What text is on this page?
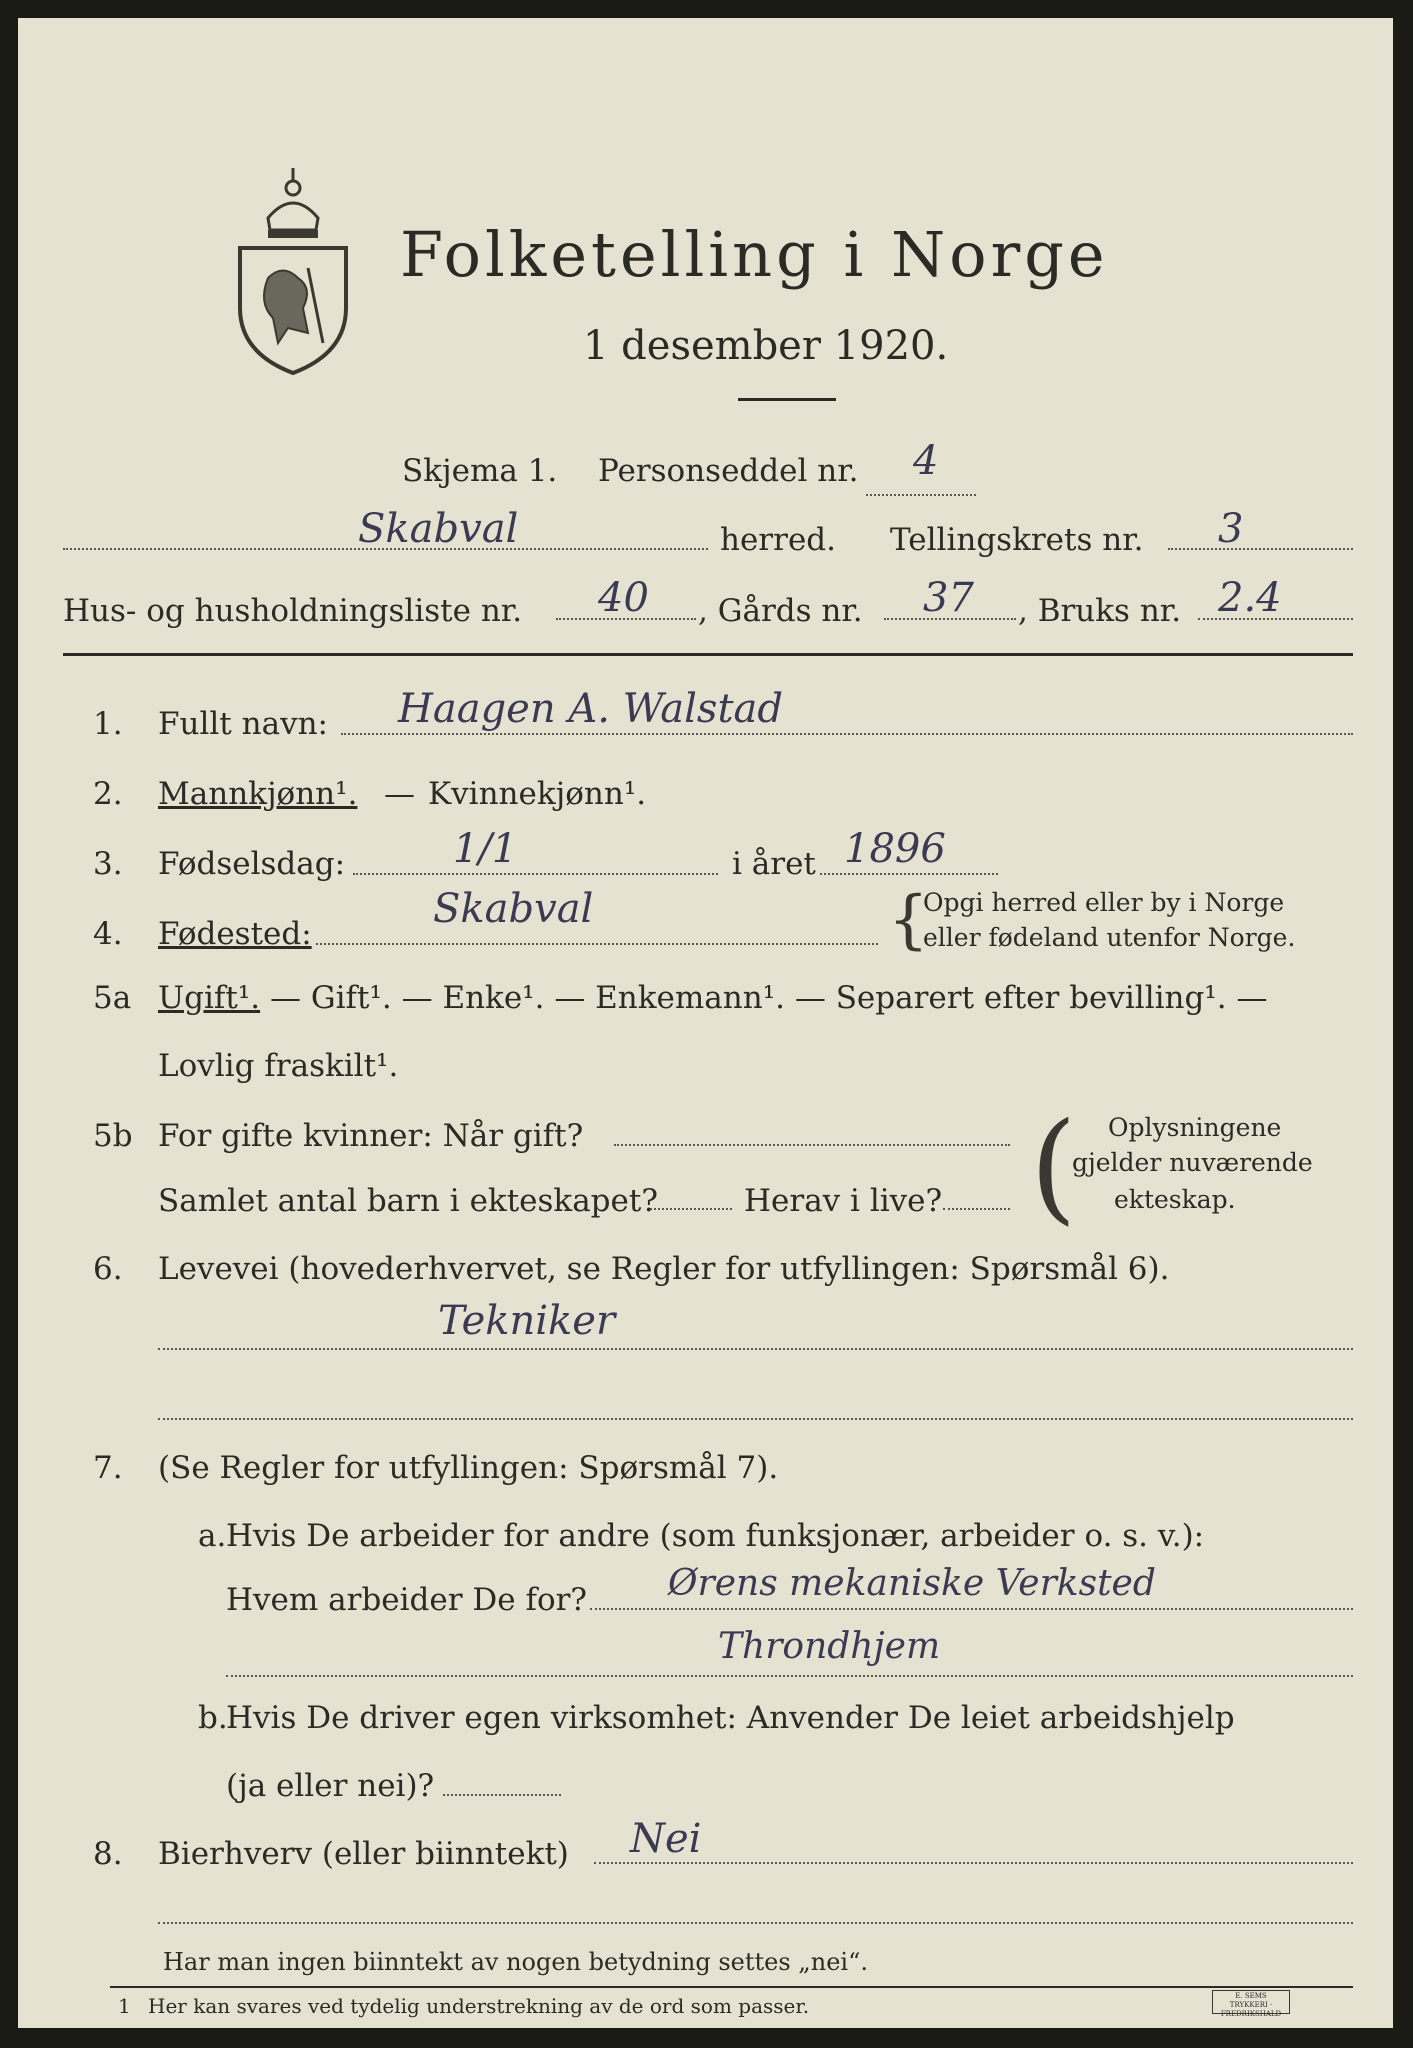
Folketelling i Norge
1 desember 1920.
Skjema 1. Personseddel nr. 4
Skabval	herred. Tellingskrets nr. 3
Hus- og husholdningsliste nr. 40 , Gårds nr. 37 , Bruks nr. 2.4
1. Fullt navn: Haagen A. Walstad
2. Mannkjønn¹. — Kvinnekjønn¹.
3. Fødselsdag:	1/1	i året 1896
4. Fødested:
Skabval	{
Opgi herred eller by i Norge
eller fødeland utenfor Norge.
5a Ugift¹. — Gift¹. — Enke¹. — Enkemann¹. — Separert efter bevilling¹. —
Lovlig fraskilt¹.
5b For gifte kvinner: Når gift?
Samlet antal barn i ekteskapet?	Herav i live? ( Oplysningene
gjelder nuværende
ekteskap.
6. Levevei (hovederhvervet, se Regler for utfyllingen: Spørsmål 6).
Tekniker
7. (Se Regler for utfyllingen: Spørsmål 7).
a. Hvis De arbeider for andre (som funksjonær, arbeider o. s. v.):
Hvem arbeider De for? Ørens mekaniske Verksted
Throndhjem
b.
Hvis De driver egen virksomhet: Anvender De leiet arbeidshjelp
(ja eller nei)?
8. Bierhverv (eller biinntekt) Nei
Har man ingen biinntekt av nogen betydning settes „nei“.
1 Her kan svares ved tydelig understrekning av de ord som passer.	E. SEMS TRYKKERI · FREDRIKSHALD
